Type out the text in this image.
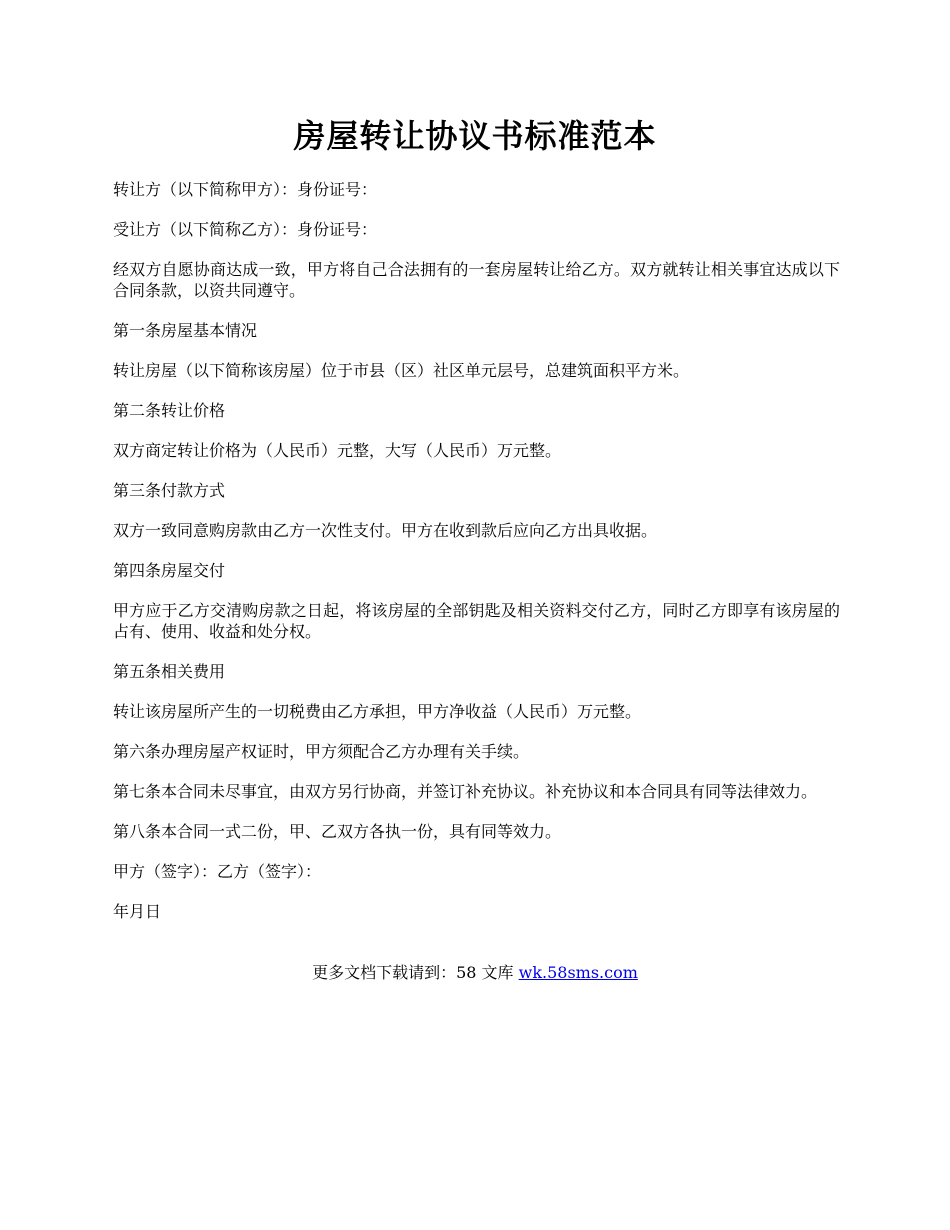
房屋转让协议书标准范本

转让方（以下简称甲方）：身份证号：

受让方（以下简称乙方）：身份证号：

经双方自愿协商达成一致，甲方将自己合法拥有的一套房屋转让给乙方。双方就转让相关事宜达成以下合同条款，以资共同遵守。

第一条房屋基本情况

转让房屋（以下简称该房屋）位于市县（区）社区单元层号，总建筑面积平方米。

第二条转让价格

双方商定转让价格为（人民币）元整，大写（人民币）万元整。

第三条付款方式

双方一致同意购房款由乙方一次性支付。甲方在收到款后应向乙方出具收据。

第四条房屋交付

甲方应于乙方交清购房款之日起，将该房屋的全部钥匙及相关资料交付乙方，同时乙方即享有该房屋的占有、使用、收益和处分权。

第五条相关费用

转让该房屋所产生的一切税费由乙方承担，甲方净收益（人民币）万元整。

第六条办理房屋产权证时，甲方须配合乙方办理有关手续。

第七条本合同未尽事宜，由双方另行协商，并签订补充协议。补充协议和本合同具有同等法律效力。

第八条本合同一式二份，甲、乙双方各执一份，具有同等效力。

甲方（签字）：乙方（签字）：

年月日

更多文档下载请到：58 文库 wk.58sms.com
